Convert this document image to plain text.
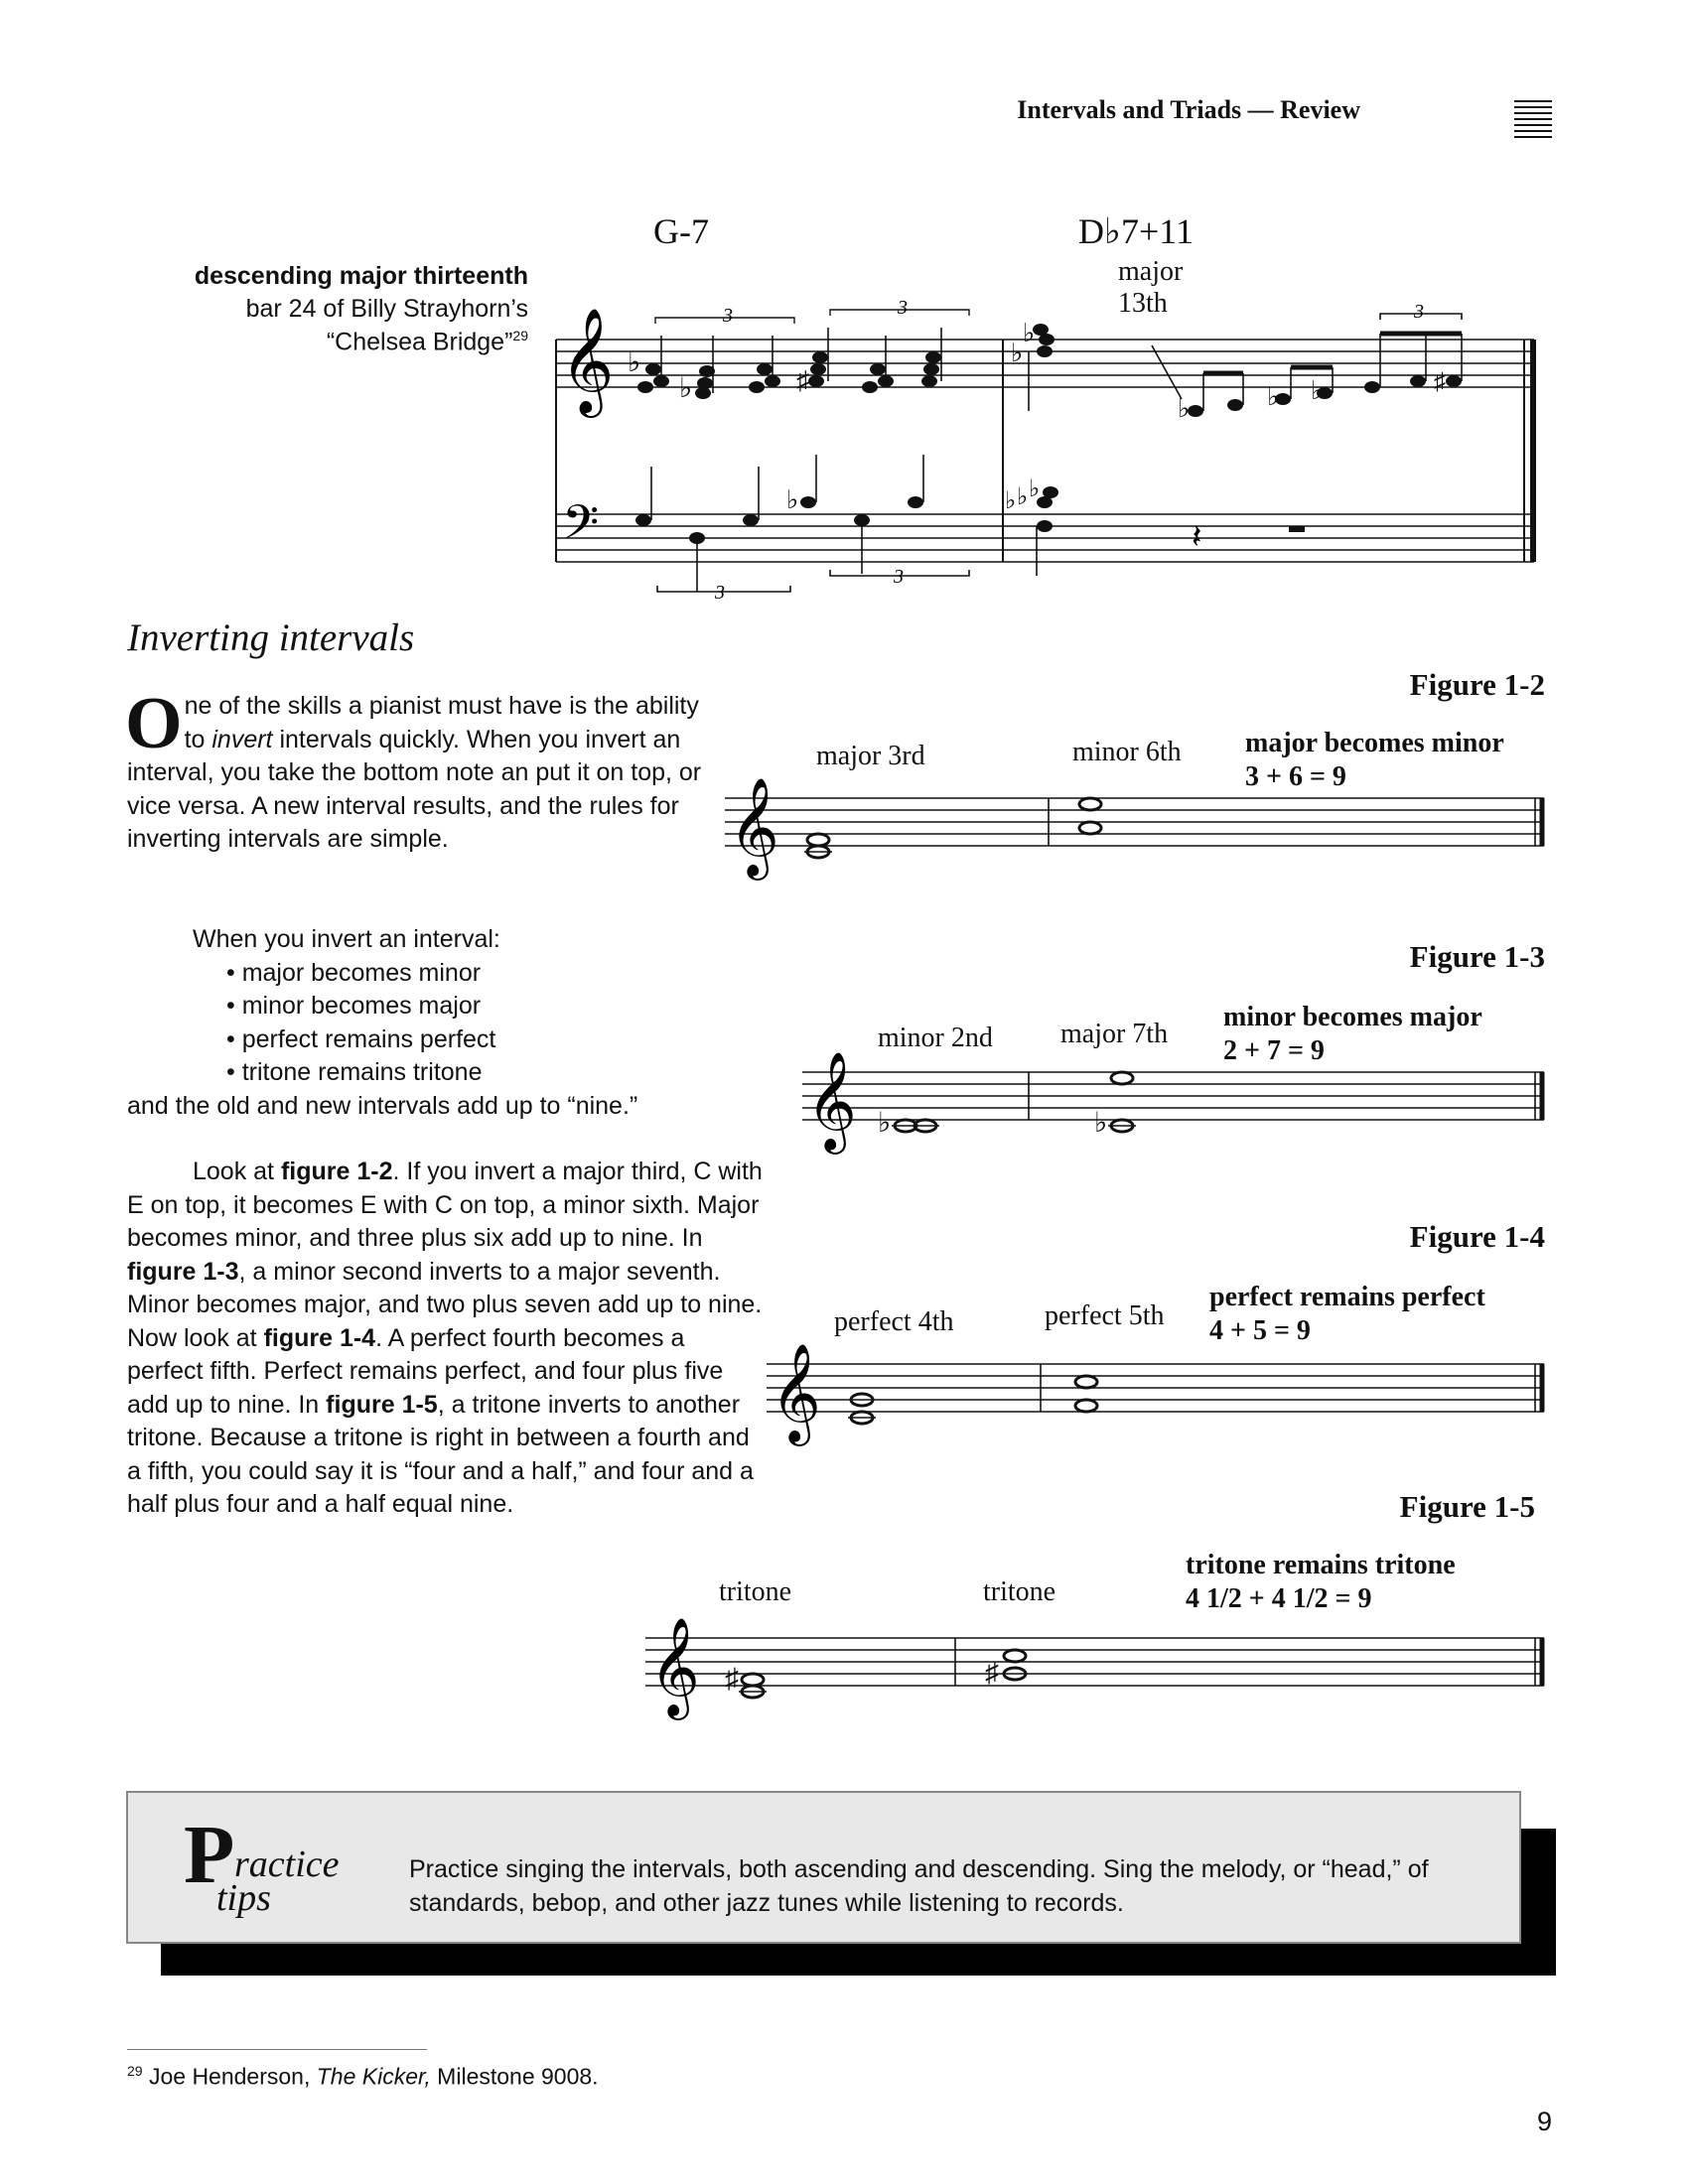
Intervals and Triads — Review
descending major thirteenth
bar 24 of Billy Strayhorn’s
“Chelsea Bridge”$^{29}$
G-7	D♭7+11
major
13th
𝄞
𝄢
♭
♭	♯
3	3
♭
♭
♭	♭ ♭	♯
3
♭
3
3
♭ ♭ ♭
𝄽
Inverting intervals
O ne of the skills a pianist must have is the ability to invert intervals quickly. When you invert an interval, you take the bottom note an put it on top, or vice versa. A new interval results, and the rules for inverting intervals are simple.

When you invert an interval:

• major becomes minor

• minor becomes major

• perfect remains perfect

• tritone remains tritone

and the old and new intervals add up to “nine.”

Look at figure 1-2. If you invert a major third, C with E on top, it becomes E with C on top, a minor sixth. Major becomes minor, and three plus six add up to nine. In figure 1-3, a minor second inverts to a major seventh. Minor becomes major, and two plus seven add up to nine. Now look at figure 1-4. A perfect fourth becomes a perfect fifth. Perfect remains perfect, and four plus five add up to nine. In figure 1-5, a tritone inverts to another tritone. Because a tritone is right in between a fourth and a fifth, you could say it is “four and a half,” and four and a half plus four and a half equal nine.
Figure 1-2
major 3rd	minor 6th major becomes minor
3 + 6 = 9
𝄞
Figure 1-3
minor 2nd major 7th
minor becomes major
2 + 7 = 9
𝄞 ♭	♭
Figure 1-4
perfect 4th	perfect 5th
perfect remains perfect
4 + 5 = 9
𝄞
Figure 1-5
tritone	tritone
tritone remains tritone
4 1/2 + 4 1/2 = 9
𝄞 ♯	♯
P ractice
tips
Practice singing the intervals, both ascending and descending. Sing the melody, or “head,” of standards, bebop, and other jazz tunes while listening to records.
$^{29}$ Joe Henderson, The Kicker, Milestone 9008.
9
